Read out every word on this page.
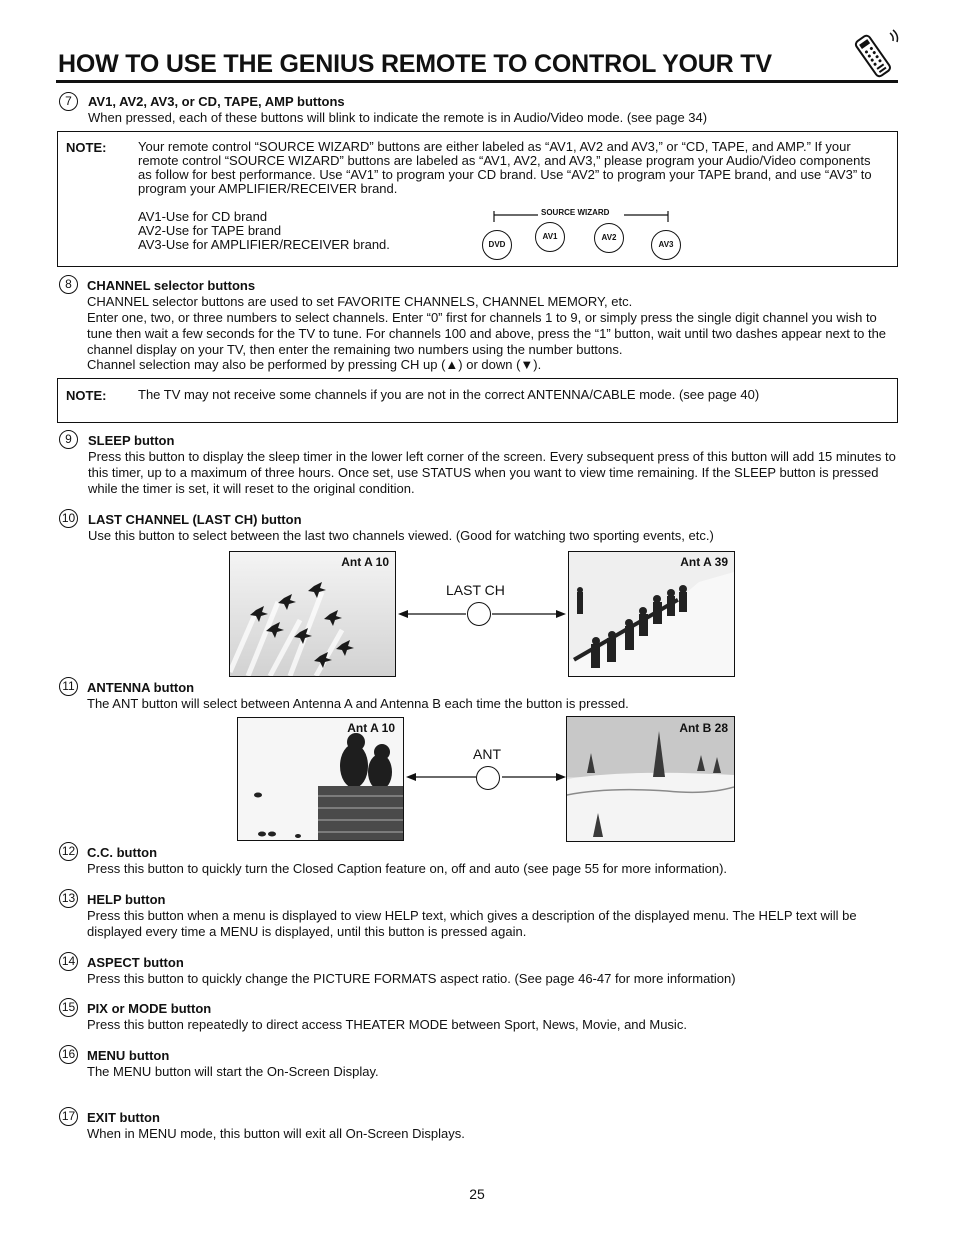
HOW TO USE THE GENIUS REMOTE TO CONTROL YOUR TV
7	AV1, AV2, AV3, or CD, TAPE, AMP buttons
When pressed, each of these buttons will blink to indicate the remote is in Audio/Video mode. (see page 34)
NOTE: Your remote control “SOURCE WIZARD” buttons are either labeled as “AV1, AV2 and AV3,” or “CD, TAPE, and AMP.” If your remote control “SOURCE WIZARD” buttons are labeled as “AV1, AV2, and AV3,” please program your Audio/Video components as follow for best performance. Use “AV1” to program your CD brand. Use “AV2” to program your TAPE brand, and use “AV3” to program your AMPLIFIER/RECEIVER brand.
AV1-Use for CD brand
AV2-Use for TAPE brand
AV3-Use for AMPLIFIER/RECEIVER brand.
SOURCE WIZARD
DVD
AV1	AV2
AV3
8	CHANNEL selector buttons
CHANNEL selector buttons are used to set FAVORITE CHANNELS, CHANNEL MEMORY, etc.
Enter one, two, or three numbers to select channels. Enter “0” first for channels 1 to 9, or simply press the single digit channel you wish to tune then wait a few seconds for the TV to tune. For channels 100 and above, press the “1” button, wait until two dashes appear next to the channel display on your TV, then enter the remaining two numbers using the number buttons.
Channel selection may also be performed by pressing CH up (▲) or down (▼).
NOTE: The TV may not receive some channels if you are not in the correct ANTENNA/CABLE mode. (see page 40)
9	SLEEP button
Press this button to display the sleep timer in the lower left corner of the screen. Every subsequent press of this button will add 15 minutes to this timer, up to a maximum of three hours. Once set, use STATUS when you want to view time remaining. If the SLEEP button is pressed while the timer is set, it will reset to the original condition.
10 LAST CHANNEL (LAST CH) button
Use this button to select between the last two channels viewed. (Good for watching two sporting events, etc.)
Ant A 10
LAST CH
Ant A 39
11 ANTENNA button
The ANT button will select between Antenna A and Antenna B each time the button is pressed.
Ant A 10
ANT
Ant B 28
12 C.C. button
Press this button to quickly turn the Closed Caption feature on, off and auto (see page 55 for more information).
13 HELP button
Press this button when a menu is displayed to view HELP text, which gives a description of the displayed menu. The HELP text will be displayed every time a MENU is displayed, until this button is pressed again.
14 ASPECT button
Press this button to quickly change the PICTURE FORMATS aspect ratio. (See page 46-47 for more information)
15 PIX or MODE button
Press this button repeatedly to direct access THEATER MODE between Sport, News, Movie, and Music.
16 MENU button
The MENU button will start the On-Screen Display.
17 EXIT button
When in MENU mode, this button will exit all On-Screen Displays.
25
